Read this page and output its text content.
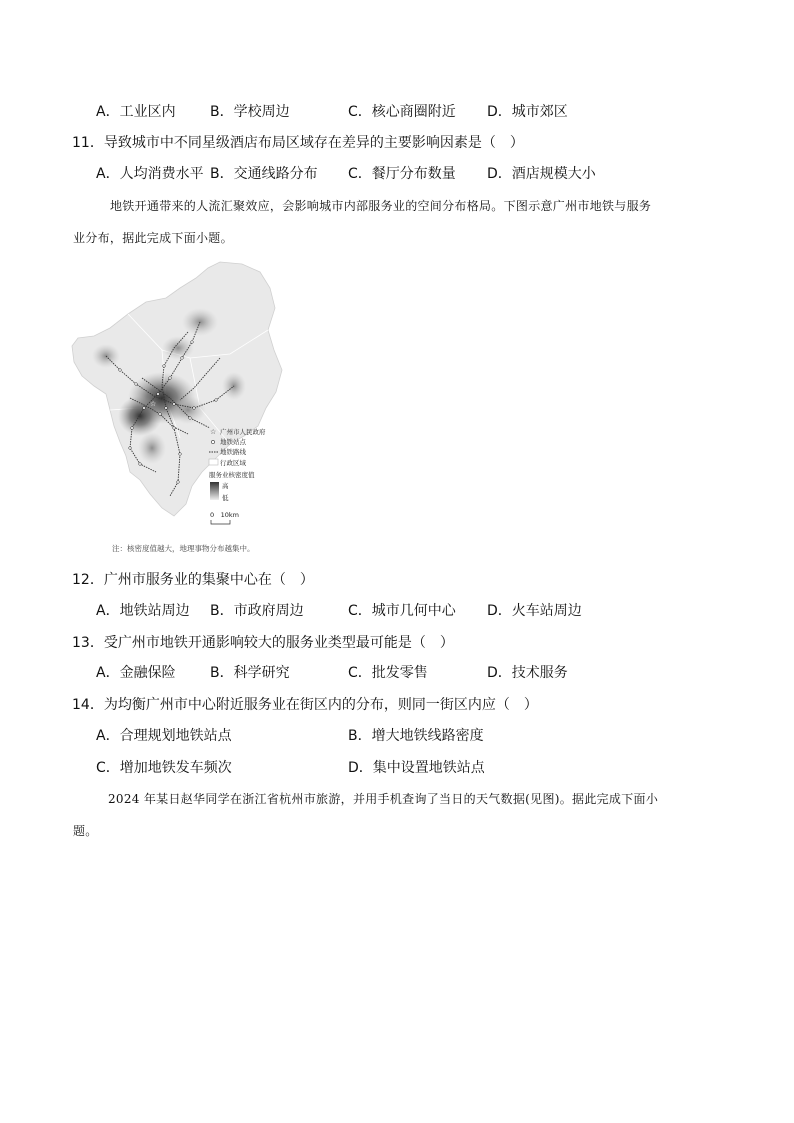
A．工业区内 B．学校周边	C．核心商圈附近 D．城市郊区
11．导致城市中不同星级酒店布局区域存在差异的主要影响因素是（　）
A．人均消费水平 B．交通线路分布 C．餐厅分布数量 D．酒店规模大小
地铁开通带来的人流汇聚效应，会影响城市内部服务业的空间分布格局。下图示意广州市地铁与服务
业分布，据此完成下面小题。
☆
☆ 广州市人民政府
地铁站点
地铁路线
行政区域
服务业核密度值
高
低
0　10km
注：核密度值越大，地理事物分布越集中。
12．广州市服务业的集聚中心在（　）
A．地铁站周边 B．市政府周边	C．城市几何中心 D．火车站周边
13．受广州市地铁开通影响较大的服务业类型最可能是（　）
A．金融保险 B．科学研究	C．批发零售	D．技术服务
14．为均衡广州市中心附近服务业在街区内的分布，则同一街区内应（　）
A．合理规划地铁站点	B．增大地铁线路密度
C．增加地铁发车频次	D．集中设置地铁站点
2024 年某日赵华同学在浙江省杭州市旅游，并用手机查询了当日的天气数据(见图)。据此完成下面小
题。
